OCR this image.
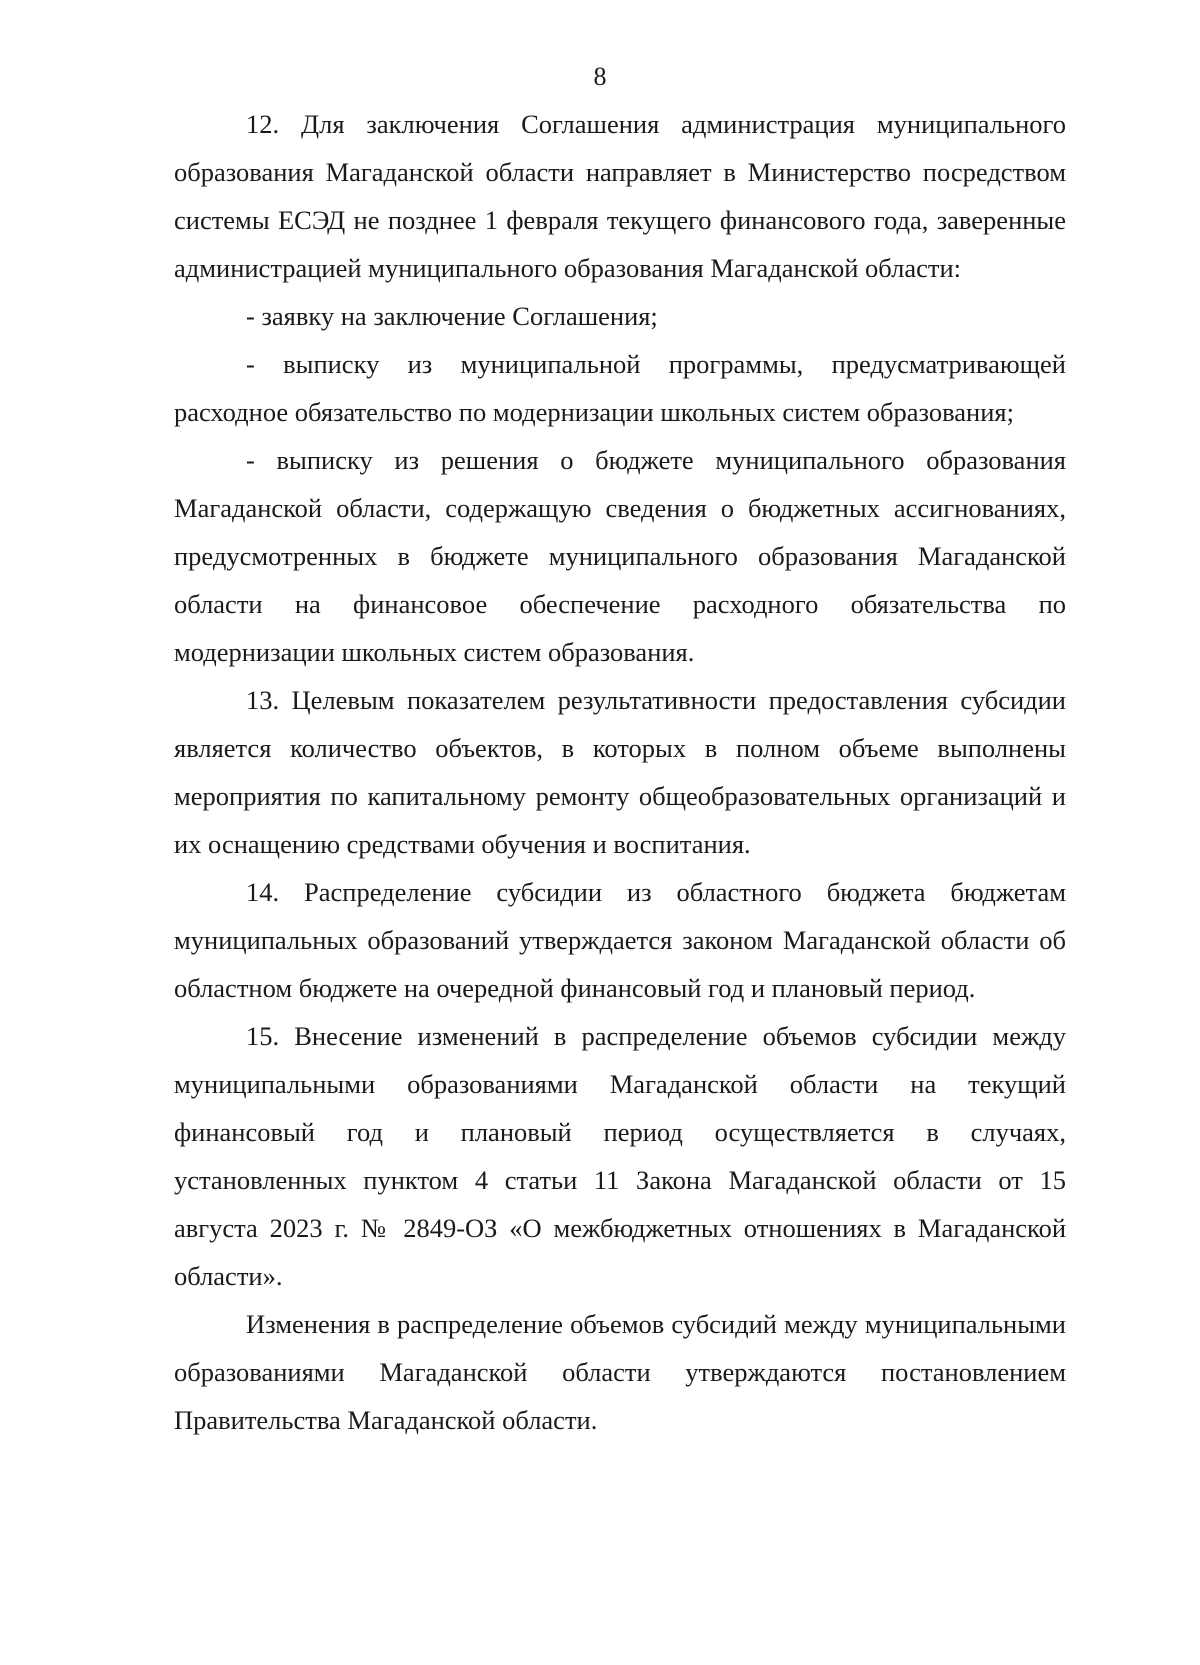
8

12. Для заключения Соглашения администрация муниципального образования Магаданской области направляет в Министерство посредством системы ЕСЭД не позднее 1 февраля текущего финансового года, заверенные администрацией муниципального образования Магаданской области:

- заявку на заключение Соглашения;

- выписку из муниципальной программы, предусматривающей расходное обязательство по модернизации школьных систем образования;

- выписку из решения о бюджете муниципального образования Магаданской области, содержащую сведения о бюджетных ассигнованиях, предусмотренных в бюджете муниципального образования Магаданской области на финансовое обеспечение расходного обязательства по модернизации школьных систем образования.

13. Целевым показателем результативности предоставления субсидии является количество объектов, в которых в полном объеме выполнены мероприятия по капитальному ремонту общеобразовательных организаций и их оснащению средствами обучения и воспитания.

14. Распределение субсидии из областного бюджета бюджетам муниципальных образований утверждается законом Магаданской области об областном бюджете на очередной финансовый год и плановый период.

15. Внесение изменений в распределение объемов субсидии между муниципальными образованиями Магаданской области на текущий финансовый год и плановый период осуществляется в случаях, установленных пунктом 4 статьи 11 Закона Магаданской области от 15 августа 2023 г. № 2849-ОЗ «О межбюджетных отношениях в Магаданской области».

Изменения в распределение объемов субсидий между муниципальными образованиями Магаданской области утверждаются постановлением Правительства Магаданской области.
